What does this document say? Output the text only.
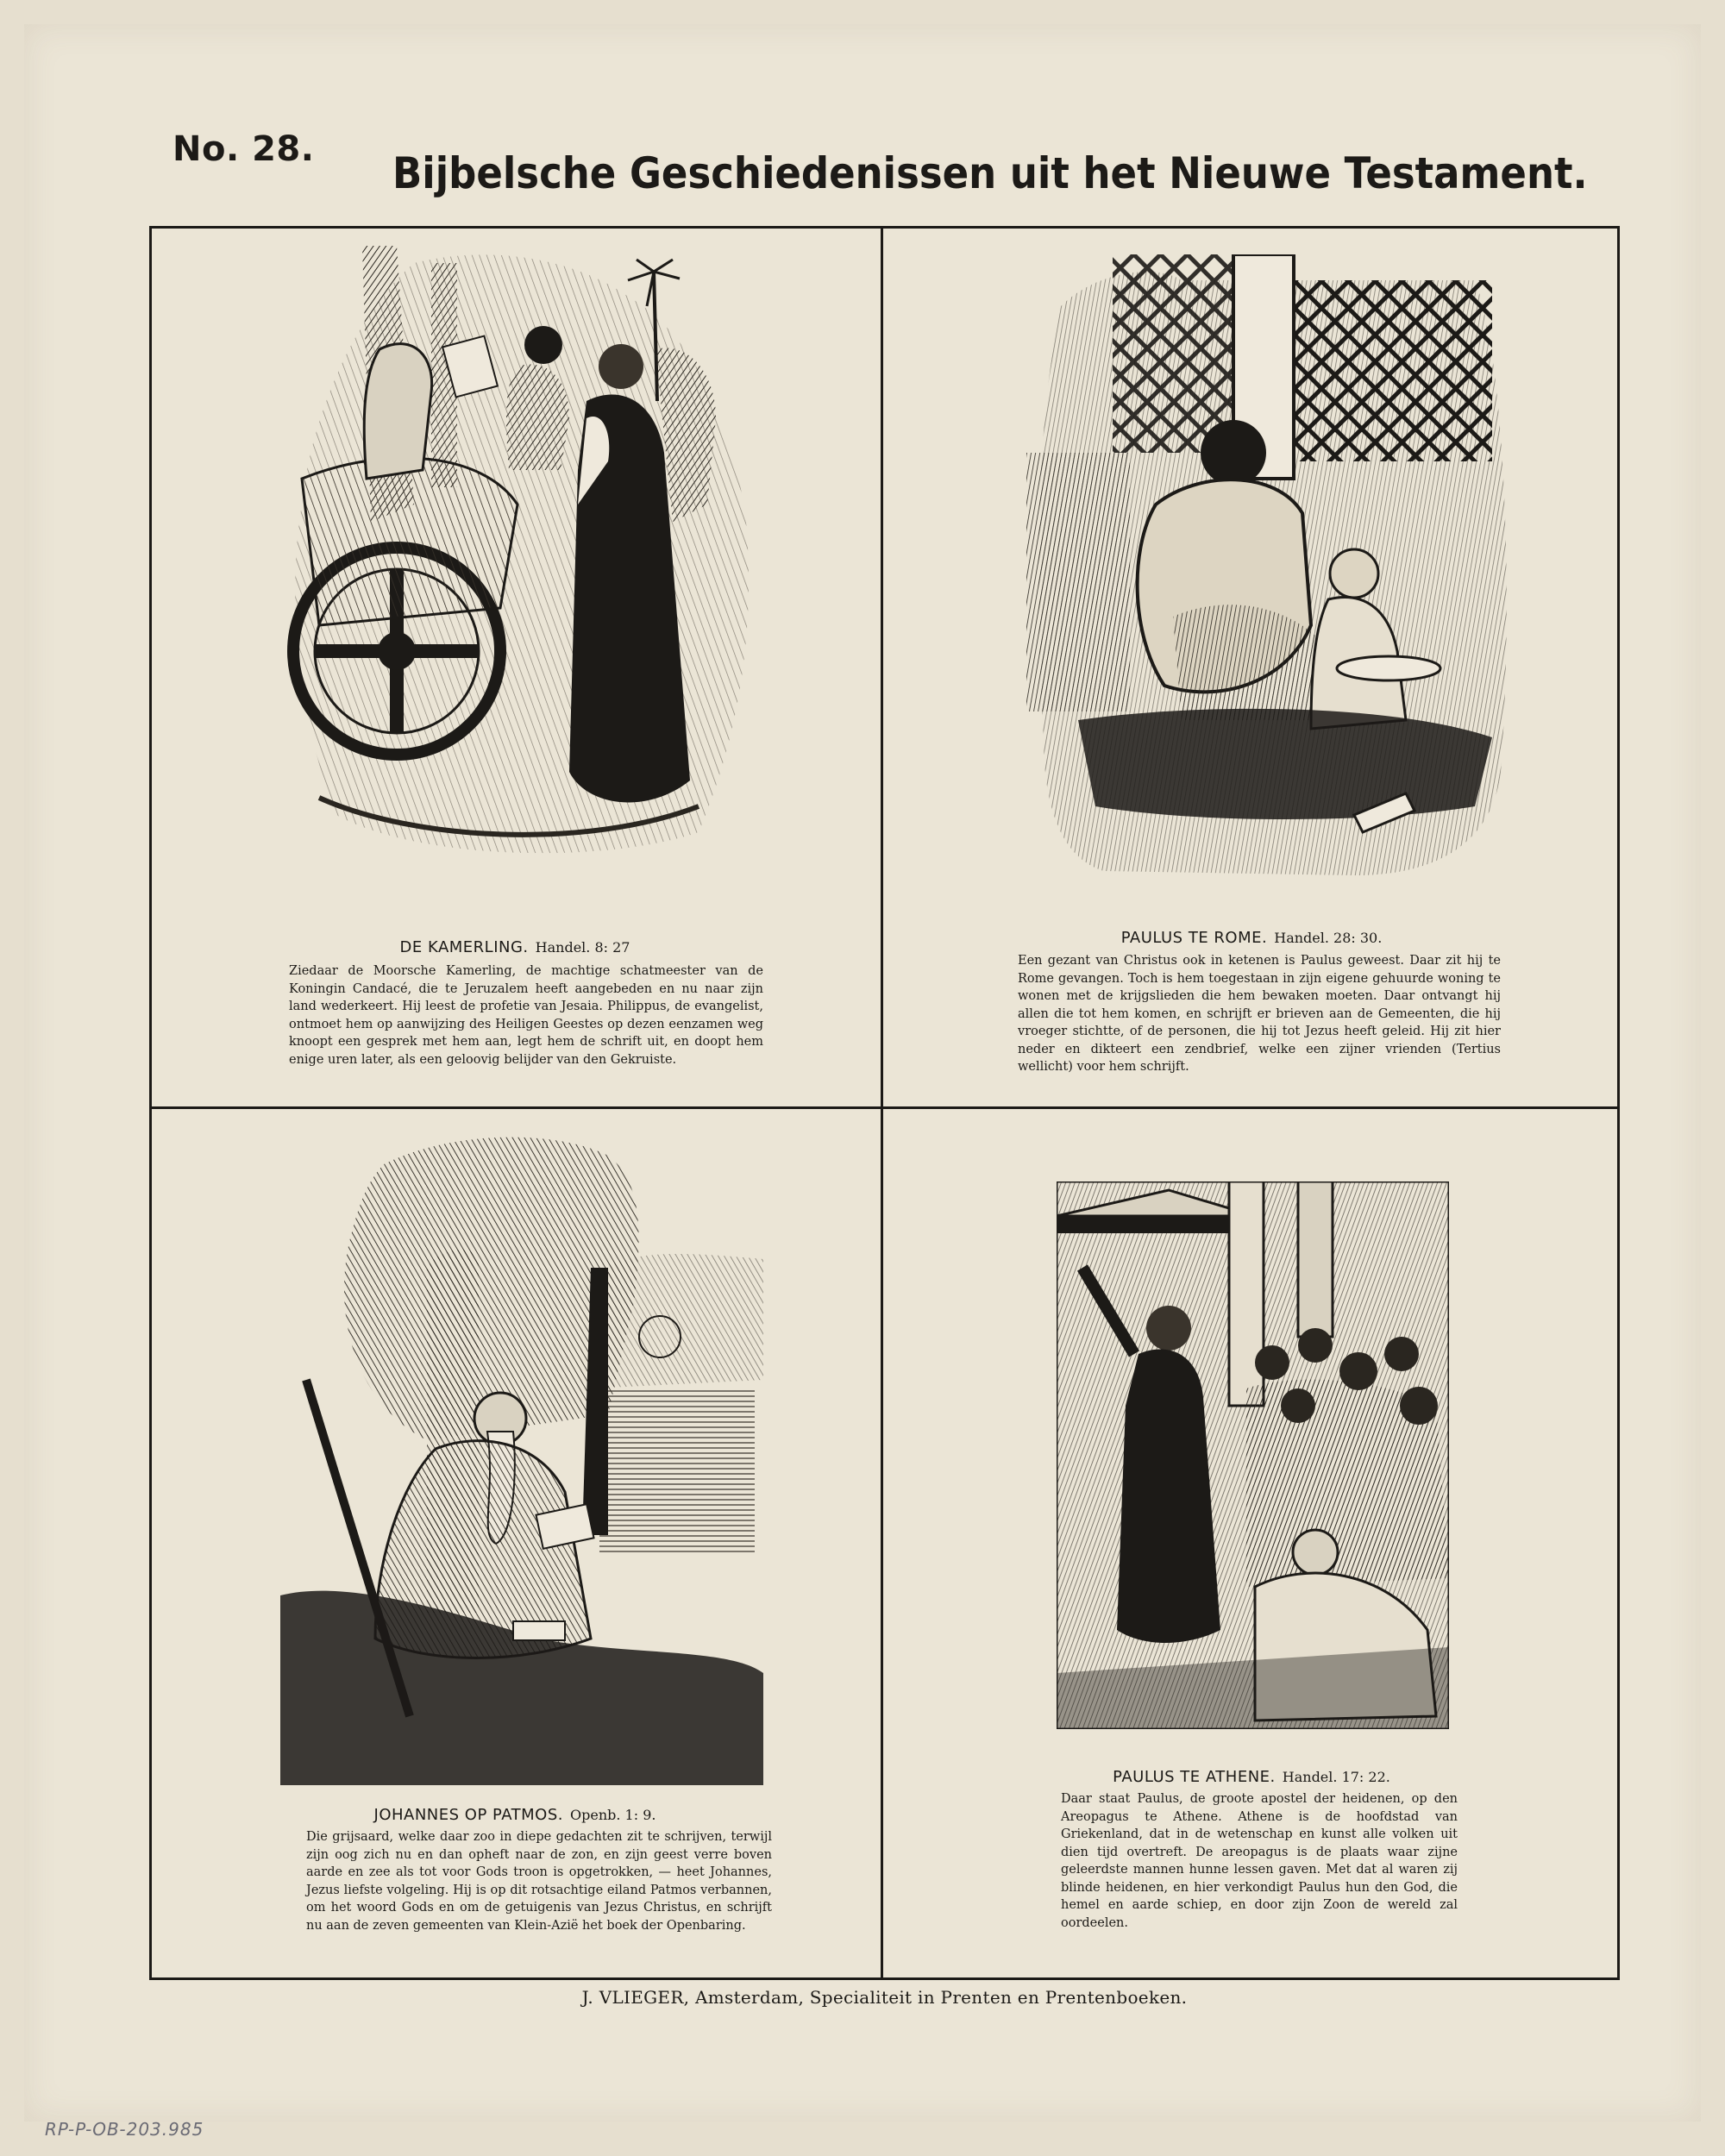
No. 28. Bijbelsche Geschiedenissen uit het Nieuwe Testament.
DE KAMERLING. Handel. 8: 27
Ziedaar de Moorsche Kamerling, de machtige schatmeester van de Koningin Candacé, die te Jeruzalem heeft aangebeden en nu naar zijn land wederkeert. Hij leest de profetie van Jesaia. Philippus, de evangelist, ontmoet hem op aanwijzing des Heiligen Geestes op dezen eenzamen weg knoopt een gesprek met hem aan, legt hem de schrift uit, en doopt hem enige uren later, als een geloovig belijder van den Gekruiste.
PAULUS TE ROME. Handel. 28: 30.
Een gezant van Christus ook in ketenen is Paulus geweest. Daar zit hij te Rome gevangen. Toch is hem toegestaan in zijn eigene gehuurde woning te wonen met de krijgslieden die hem bewaken moeten. Daar ontvangt hij allen die tot hem komen, en schrijft er brieven aan de Gemeenten, die hij vroeger stichtte, of de personen, die hij tot Jezus heeft geleid. Hij zit hier neder en dikteert een zendbrief, welke een zijner vrienden (Tertius wellicht) voor hem schrijft.
JOHANNES OP PATMOS. Openb. 1: 9.
Die grijsaard, welke daar zoo in diepe gedachten zit te schrijven, terwijl zijn oog zich nu en dan opheft naar de zon, en zijn geest verre boven aarde en zee als tot voor Gods troon is opgetrokken, — heet Johannes, Jezus liefste volgeling. Hij is op dit rotsachtige eiland Patmos verbannen, om het woord Gods en om de getuigenis van Jezus Christus, en schrijft nu aan de zeven gemeenten van Klein-Azië het boek der Openbaring.
PAULUS TE ATHENE. Handel. 17: 22.
Daar staat Paulus, de groote apostel der heidenen, op den Areopagus te Athene. Athene is de hoofdstad van Griekenland, dat in de wetenschap en kunst alle volken uit dien tijd overtreft. De areopagus is de plaats waar zijne geleerdste mannen hunne lessen gaven. Met dat al waren zij blinde heidenen, en hier verkondigt Paulus hun den God, die hemel en aarde schiep, en door zijn Zoon de wereld zal oordeelen.
J. VLIEGER, Amsterdam, Specialiteit in Prenten en Prentenboeken.
RP-P-OB-203.985
